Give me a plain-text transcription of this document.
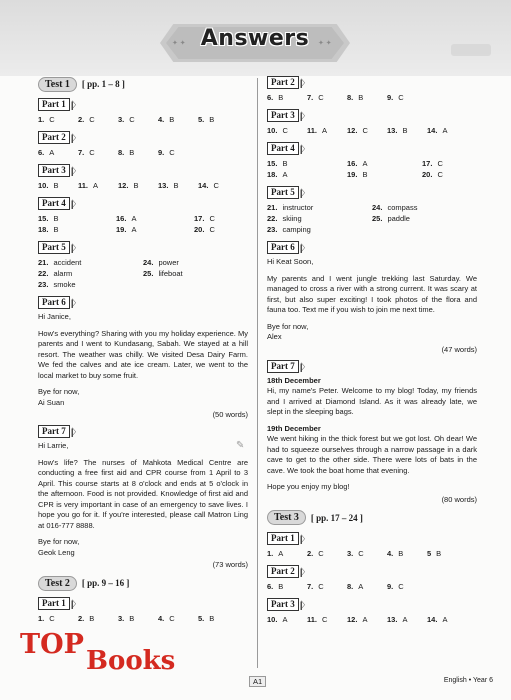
✦ ✦	✦ ✦
Answers
Test 1	[ pp. 1 – 8 ]
Part 1 |||〉
1. C	2. C	3. C	4. B	5. B
Part 2 |||〉
6. A	7. C	8. B	9. C
Part 3 |||〉
10. B	11. A	12. B	13. B	14. C
Part 4 |||〉
15. B	16. A	17. C
18. B	19. A	20. C
Part 5 |||〉
21. accident	24. power
22. alarm	25. lifeboat
23. smoke
Part 6 |||〉

Hi Janice,

How's everything? Sharing with you my holiday experience. My parents and I went to Kundasang, Sabah. We stayed at a hill resort. The weather was chilly. We visited Desa Dairy Farm. We fed the calves and ate ice cream. Later, we went to the local market to buy some fruit.

Bye for now,

Ai Suan

(50 words)
Part 7 |||〉

Hi Larrie,

How's life? The nurses of Mahkota Medical Centre are conducting a free first aid and CPR course from 1 April to 3 April. This course starts at 8 o'clock and ends at 5 o'clock in the afternoon. Food is not provided. Knowledge of first aid and CPR is very important in case of an emergency to save lives. I hope you go for it. If you're interested, please call Matron Ling at 016-777 8888.

Bye for now,

Geok Leng

(73 words)
Test 2	[ pp. 9 – 16 ]
Part 1 |||〉
1. C	2. B	3. B	4. C	5. B
✎
Part 2 |||〉
6. B	7. C	8. B	9. C
Part 3 |||〉
10. C	11. A	12. C	13. B	14. A
Part 4 |||〉
15. B	16. A	17. C
18. A	19. B	20. C
Part 5 |||〉
21. instructor	24. compass
22. skiing	25. paddle
23. camping
Part 6 |||〉

Hi Keat Soon,

My parents and I went jungle trekking last Saturday. We managed to cross a river with a strong current. It was scary at first, but also super exciting! I took photos of the flora and fauna too. Text me if you wish to join me next time.

Bye for now,

Alex

(47 words)
Part 7 |||〉
18th December

Hi, my name's Peter. Welcome to my blog! Today, my friends and I arrived at Diamond Island. As it was already late, we slept in the sleeping bags.

19th December

We went hiking in the thick forest but we got lost. Oh dear! We had to squeeze ourselves through a narrow passage in a dark cave to get to the other side. There were lots of bats in the cave. We took the boat home that evening.

Hope you enjoy my blog!

(80 words)
Test 3	[ pp. 17 – 24 ]
Part 1 |||〉
1. A	2. C	3. C	4. B	5 B
Part 2 |||〉
6. B	7. C	8. A	9. C
Part 3 |||〉
10. A	11. C	12. A	13. A	14. A
TOP
Books
A1	English • Year 6
